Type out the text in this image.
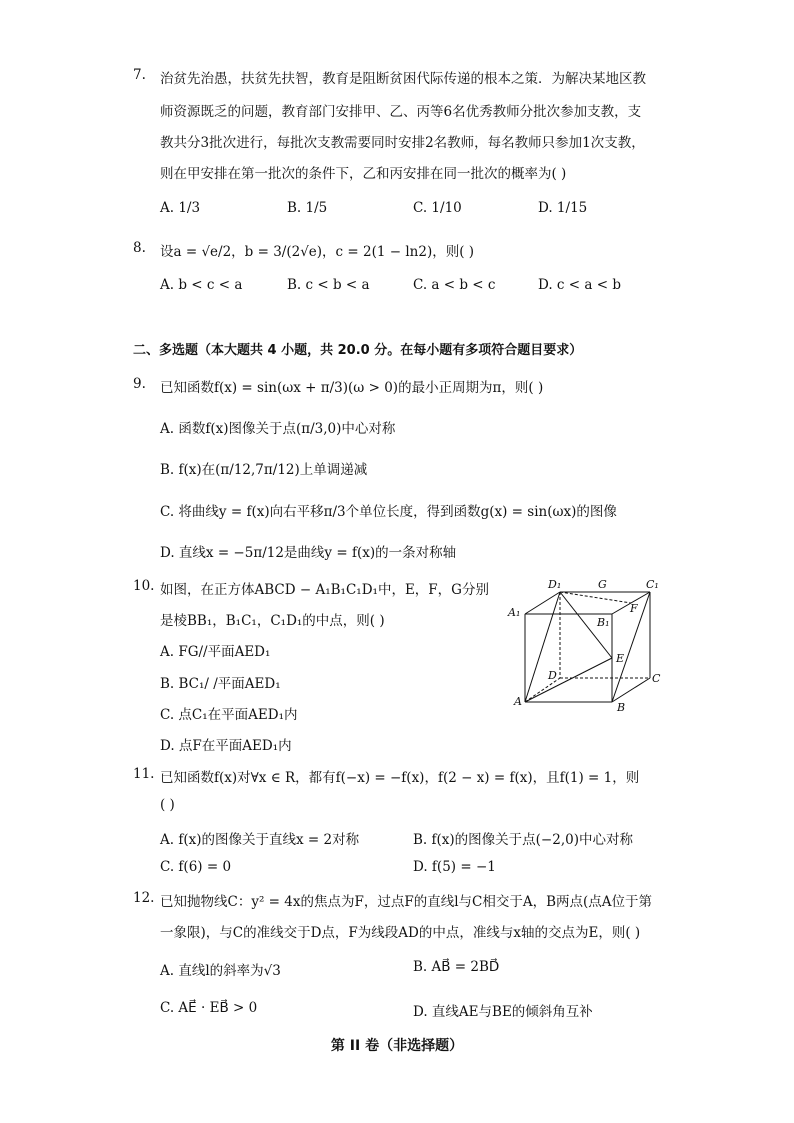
7.	治贫先治愚，扶贫先扶智，教育是阻断贫困代际传递的根本之策．为解决某地区教
师资源既乏的问题，教育部门安排甲、乙、丙等6名优秀教师分批次参加支教，支
教共分3批次进行，每批次支教需要同时安排2名教师，每名教师只参加1次支教，
则在甲安排在第一批次的条件下，乙和丙安排在同一批次的概率为( )
A. 1/3	B. 1/5	C. 1/10	D. 1/15
8.	设a = √e/2，b = 3/(2√e)，c = 2(1 − ln2)，则( )
A. b < c < a	B. c < b < a	C. a < b < c	D. c < a < b
二、多选题（本大题共 4 小题，共 20.0 分。在每小题有多项符合题目要求）
9.	已知函数f(x) = sin(ωx + π/3)(ω > 0)的最小正周期为π，则( )
A. 函数f(x)图像关于点(π/3,0)中心对称
B. f(x)在(π/12,7π/12)上单调递减
C. 将曲线y = f(x)向右平移π/3个单位长度，得到函数g(x) = sin(ωx)的图像
D. 直线x = −5π/12是曲线y = f(x)的一条对称轴
10. 如图，在正方体ABCD − A₁B₁C₁D₁中，E，F，G分别
是棱BB₁，B₁C₁，C₁D₁的中点，则( )
A. FG//平面AED₁
B. BC₁/ /平面AED₁
C. 点C₁在平面AED₁内
D. 点F在平面AED₁内
D₁	G	C₁
A₁	F
B₁
E
D	C
A	B
11. 已知函数f(x)对∀x ∈ R，都有f(−x) = −f(x)，f(2 − x) = f(x)，且f(1) = 1，则
( )
A. f(x)的图像关于直线x = 2对称	B. f(x)的图像关于点(−2,0)中心对称
C. f(6) = 0	D. f(5) = −1
12. 已知抛物线C：y² = 4x的焦点为F，过点F的直线l与C相交于A，B两点(点A位于第
一象限)，与C的准线交于D点，F为线段AD的中点，准线与x轴的交点为E，则( )
A. 直线l的斜率为√3	B. AB⃗ = 2BD⃗
C. AE⃗ · EB⃗ > 0	D. 直线AE与BE的倾斜角互补
第 II 卷（非选择题）
